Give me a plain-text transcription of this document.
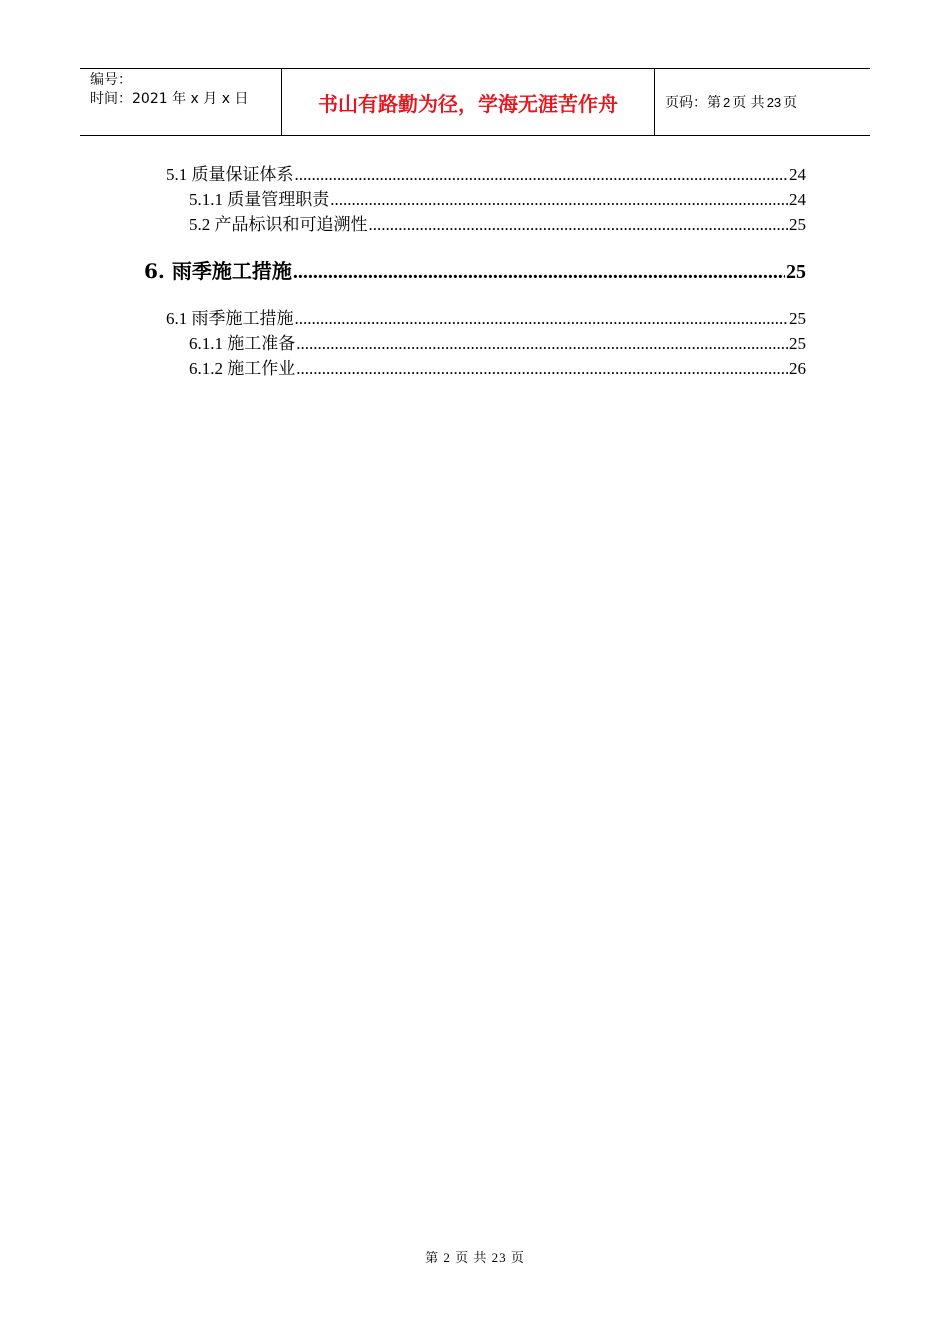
编号：
时间：2021 年 x 月 x 日	书山有路勤为径，学海无涯苦作舟	页码：第 2 页 共 23 页
5.1 质量保证体系 .....	24
5.1.1 质量管理职责 .....	24
5.2 产品标识和可追溯性 .....	25
6. 雨季施工措施 .....	25
6.1 雨季施工措施 .....	25
6.1.1 施工准备 .....	25
6.1.2 施工作业 .....	26
第 2 页 共 23 页
